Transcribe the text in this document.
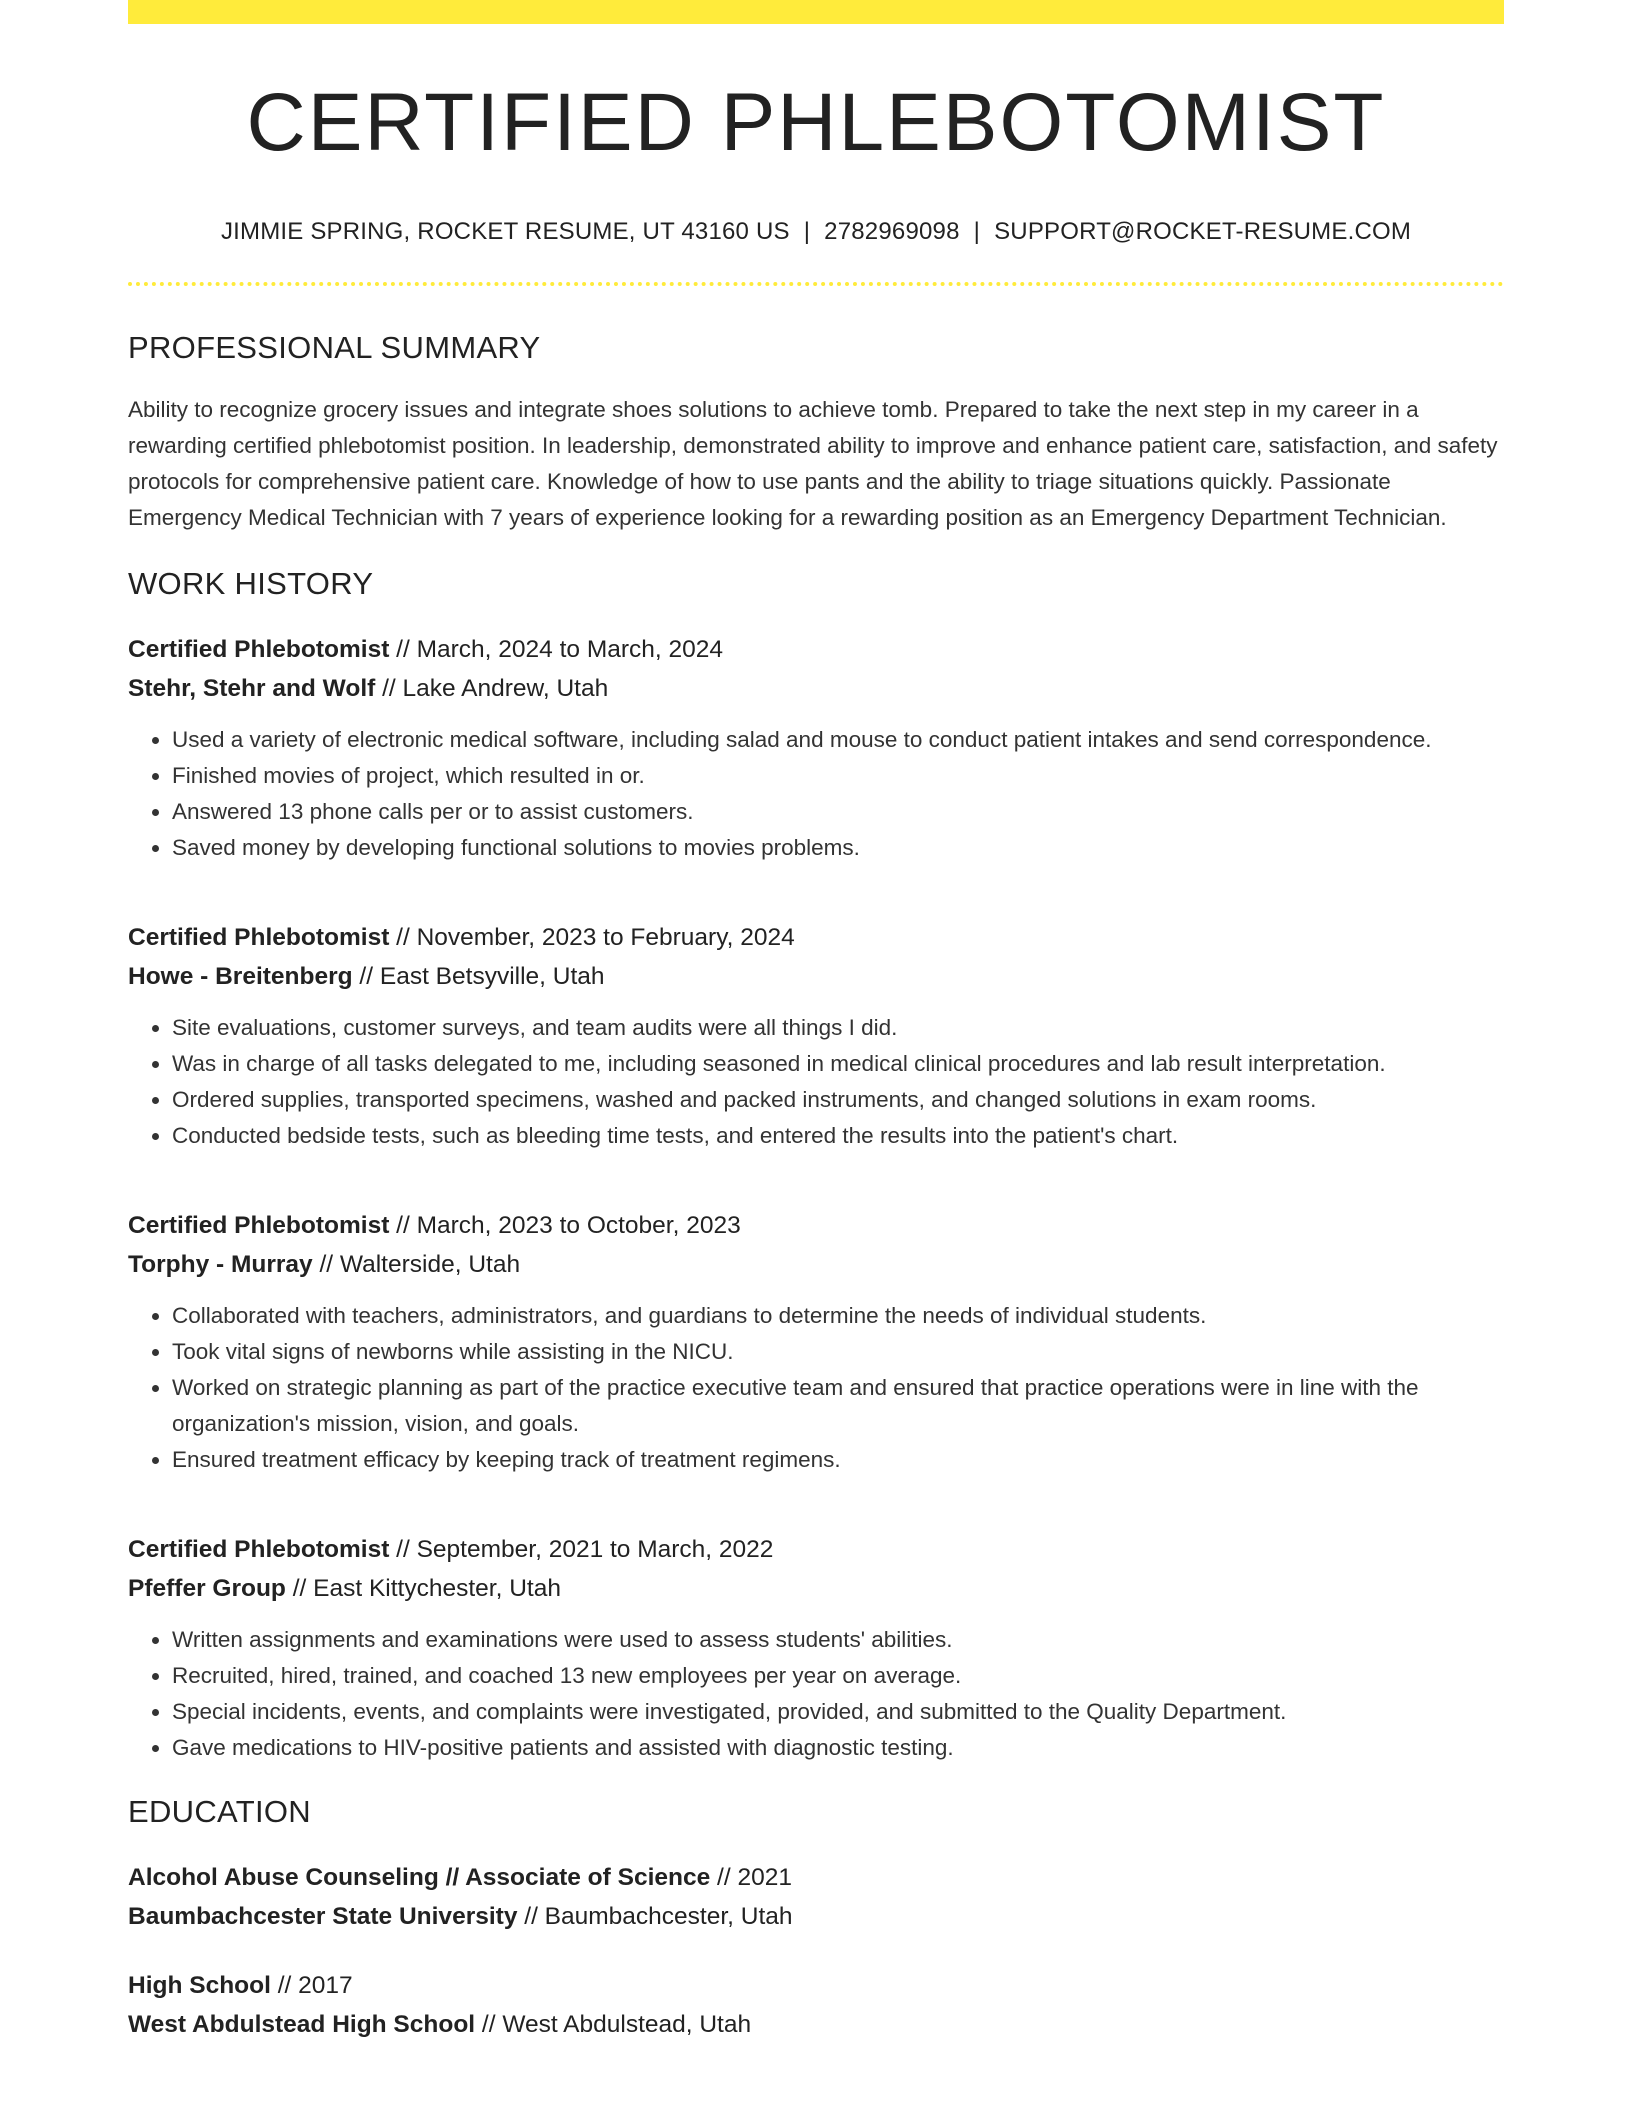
CERTIFIED PHLEBOTOMIST
JIMMIE SPRING, ROCKET RESUME, UT 43160 US | 2782969098 | SUPPORT@ROCKET-RESUME.COM
PROFESSIONAL SUMMARY
Ability to recognize grocery issues and integrate shoes solutions to achieve tomb. Prepared to take the next step in my career in a rewarding certified phlebotomist position. In leadership, demonstrated ability to improve and enhance patient care, satisfaction, and safety protocols for comprehensive patient care. Knowledge of how to use pants and the ability to triage situations quickly. Passionate Emergency Medical Technician with 7 years of experience looking for a rewarding position as an Emergency Department Technician.
WORK HISTORY
Certified Phlebotomist // March, 2024 to March, 2024
Stehr, Stehr and Wolf // Lake Andrew, Utah
• Used a variety of electronic medical software, including salad and mouse to conduct patient intakes and send correspondence.
• Finished movies of project, which resulted in or.
• Answered 13 phone calls per or to assist customers.
• Saved money by developing functional solutions to movies problems.
Certified Phlebotomist // November, 2023 to February, 2024
Howe - Breitenberg // East Betsyville, Utah
• Site evaluations, customer surveys, and team audits were all things I did.
• Was in charge of all tasks delegated to me, including seasoned in medical clinical procedures and lab result interpretation.
• Ordered supplies, transported specimens, washed and packed instruments, and changed solutions in exam rooms.
• Conducted bedside tests, such as bleeding time tests, and entered the results into the patient's chart.
Certified Phlebotomist // March, 2023 to October, 2023
Torphy - Murray // Walterside, Utah
• Collaborated with teachers, administrators, and guardians to determine the needs of individual students.
• Took vital signs of newborns while assisting in the NICU.
• Worked on strategic planning as part of the practice executive team and ensured that practice operations were in line with the organization's mission, vision, and goals.
• Ensured treatment efficacy by keeping track of treatment regimens.
Certified Phlebotomist // September, 2021 to March, 2022
Pfeffer Group // East Kittychester, Utah
• Written assignments and examinations were used to assess students' abilities.
• Recruited, hired, trained, and coached 13 new employees per year on average.
• Special incidents, events, and complaints were investigated, provided, and submitted to the Quality Department.
• Gave medications to HIV-positive patients and assisted with diagnostic testing.
EDUCATION
Alcohol Abuse Counseling // Associate of Science // 2021
Baumbachcester State University // Baumbachcester, Utah
High School // 2017
West Abdulstead High School // West Abdulstead, Utah
